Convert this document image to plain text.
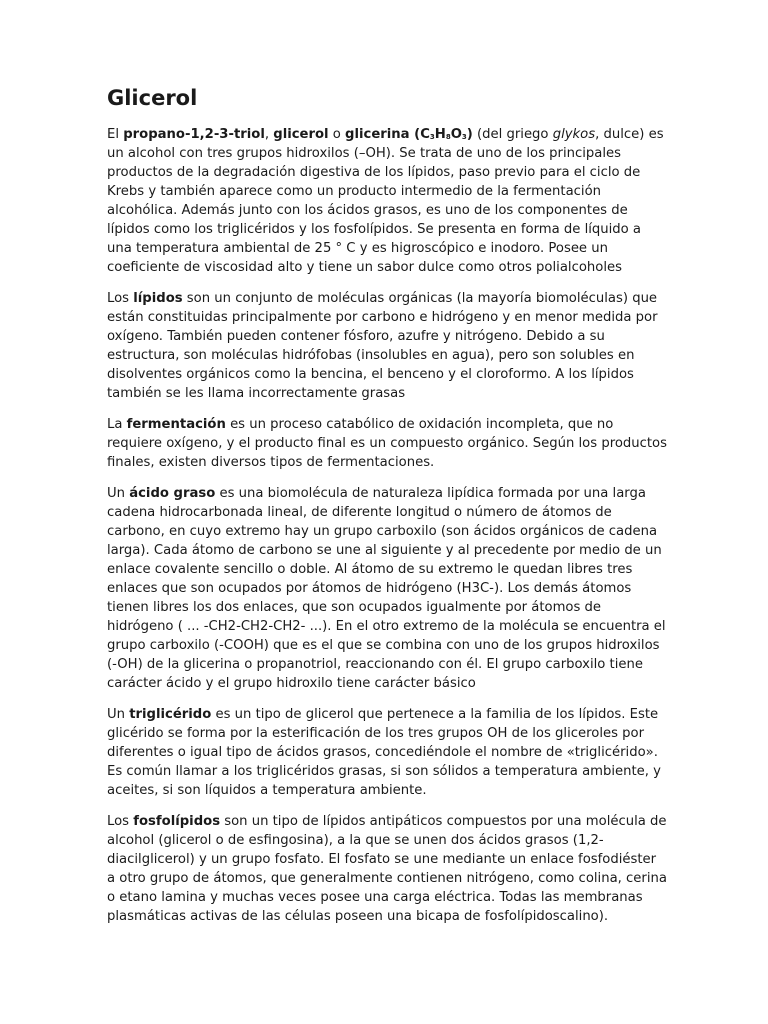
Glicerol

El propano-1,2-3-triol, glicerol o glicerina $(C_3H_8O_3)$ (del griego glykos, dulce) es un alcohol con tres grupos hidroxilos (–OH). Se trata de uno de los principales productos de la degradación digestiva de los lípidos, paso previo para el ciclo de Krebs y también aparece como un producto intermedio de la fermentación alcohólica. Además junto con los ácidos grasos, es uno de los componentes de lípidos como los triglicéridos y los fosfolípidos. Se presenta en forma de líquido a una temperatura ambiental de 25 ° C y es higroscópico e inodoro. Posee un coeficiente de viscosidad alto y tiene un sabor dulce como otros polialcoholes

Los lípidos son un conjunto de moléculas orgánicas (la mayoría biomoléculas) que están constituidas principalmente por carbono e hidrógeno y en menor medida por oxígeno. También pueden contener fósforo, azufre y nitrógeno. Debido a su estructura, son moléculas hidrófobas (insolubles en agua), pero son solubles en disolventes orgánicos como la bencina, el benceno y el cloroformo. A los lípidos también se les llama incorrectamente grasas

La fermentación es un proceso catabólico de oxidación incompleta, que no requiere oxígeno, y el producto final es un compuesto orgánico. Según los productos finales, existen diversos tipos de fermentaciones.

Un ácido graso es una biomolécula de naturaleza lipídica formada por una larga cadena hidrocarbonada lineal, de diferente longitud o número de átomos de carbono, en cuyo extremo hay un grupo carboxilo (son ácidos orgánicos de cadena larga). Cada átomo de carbono se une al siguiente y al precedente por medio de un enlace covalente sencillo o doble. Al átomo de su extremo le quedan libres tres enlaces que son ocupados por átomos de hidrógeno (H3C-). Los demás átomos tienen libres los dos enlaces, que son ocupados igualmente por átomos de hidrógeno ( ... -CH2-CH2-CH2- ...). En el otro extremo de la molécula se encuentra el grupo carboxilo (-COOH) que es el que se combina con uno de los grupos hidroxilos (-OH) de la glicerina o propanotriol, reaccionando con él. El grupo carboxilo tiene carácter ácido y el grupo hidroxilo tiene carácter básico

Un triglicérido es un tipo de glicerol que pertenece a la familia de los lípidos. Este glicérido se forma por la esterificación de los tres grupos OH de los gliceroles por diferentes o igual tipo de ácidos grasos, concediéndole el nombre de «triglicérido». Es común llamar a los triglicéridos grasas, si son sólidos a temperatura ambiente, y aceites, si son líquidos a temperatura ambiente.

Los fosfolípidos son un tipo de lípidos antipáticos compuestos por una molécula de alcohol (glicerol o de esfingosina), a la que se unen dos ácidos grasos (1,2-diacilglicerol) y un grupo fosfato. El fosfato se une mediante un enlace fosfodiéster a otro grupo de átomos, que generalmente contienen nitrógeno, como colina, cerina o etano lamina y muchas veces posee una carga eléctrica. Todas las membranas plasmáticas activas de las células poseen una bicapa de fosfolípidoscalino).
